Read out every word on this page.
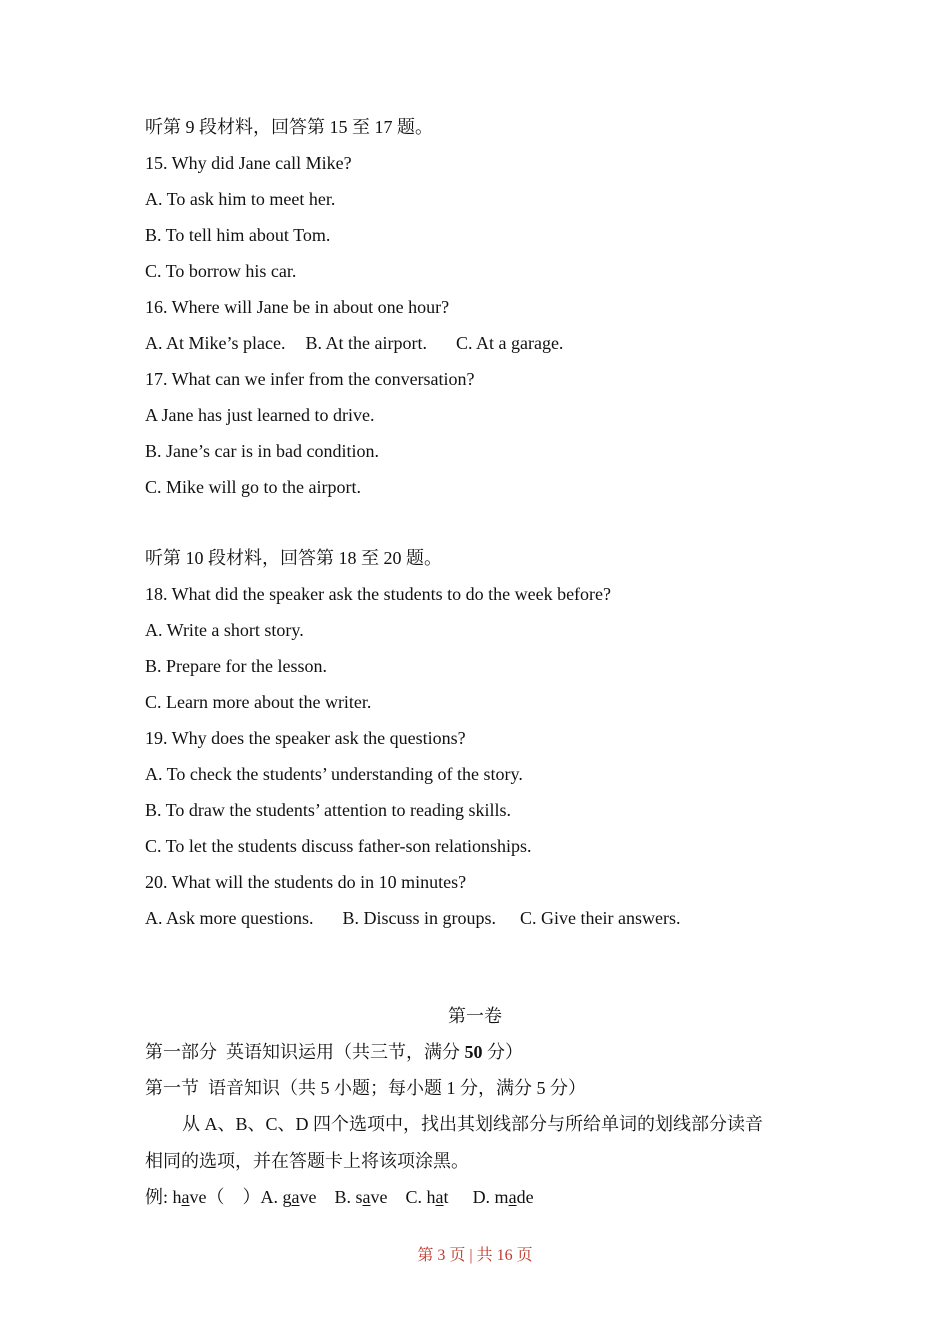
听第 9 段材料，回答第 15 至 17 题。
15. Why did Jane call Mike?
A. To ask him to meet her.
B. To tell him about Tom.
C. To borrow his car.
16. Where will Jane be in about one hour?
A. At Mike’s place. B. At the airport. C. At a garage.
17. What can we infer from the conversation?
A Jane has just learned to drive.
B. Jane’s car is in bad condition.
C. Mike will go to the airport.
听第 10 段材料，回答第 18 至 20 题。
18. What did the speaker ask the students to do the week before?
A. Write a short story.
B. Prepare for the lesson.
C. Learn more about the writer.
19. Why does the speaker ask the questions?
A. To check the students’ understanding of the story.
B. To draw the students’ attention to reading skills.
C. To let the students discuss father-son relationships.
20. What will the students do in 10 minutes?
A. Ask more questions. B. Discuss in groups. C. Give their answers.
第一卷
第一部分  英语知识运用（共三节，满分 50 分）
第一节  语音知识（共 5 小题；每小题 1 分，满分 5 分）
从 A、B、C、D 四个选项中，找出其划线部分与所给单词的划线部分读音
相同的选项，并在答题卡上将该项涂黑。
例: have（    ）A. gave B. save C. hat D. made
第 3 页 | 共 16 页
